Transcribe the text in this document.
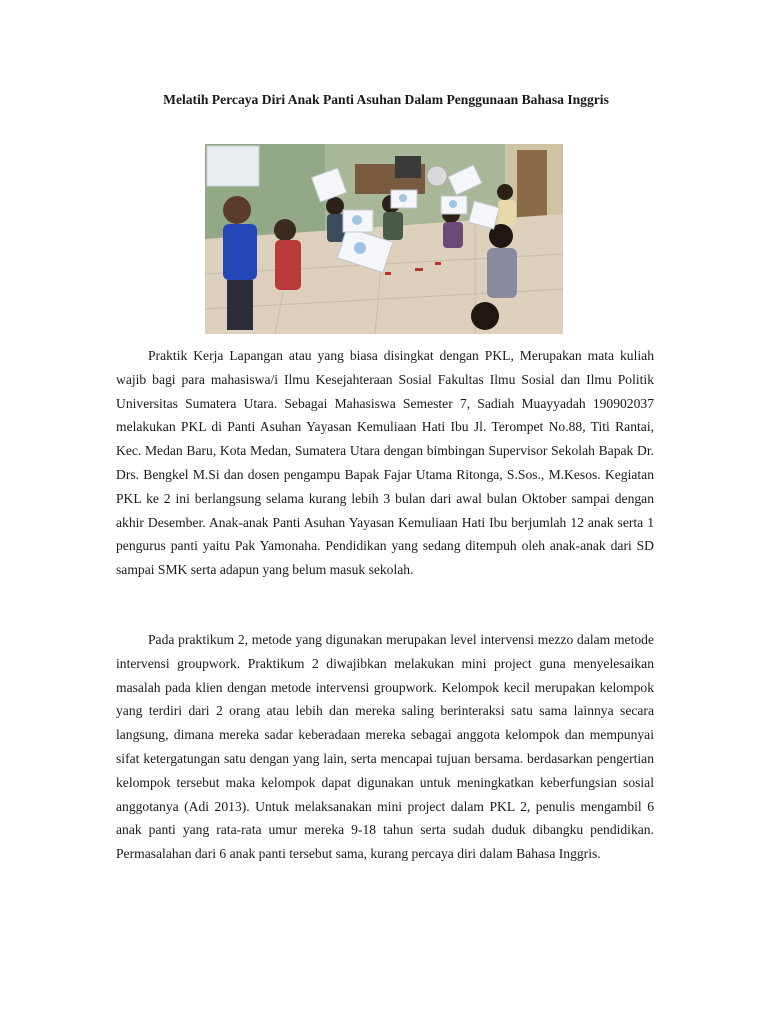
Melatih Percaya Diri Anak Panti Asuhan Dalam Penggunaan Bahasa Inggris

Praktik Kerja Lapangan atau yang biasa disingkat dengan PKL, Merupakan mata kuliah wajib bagi para mahasiswa/i Ilmu Kesejahteraan Sosial Fakultas Ilmu Sosial dan Ilmu Politik Universitas Sumatera Utara. Sebagai Mahasiswa Semester 7, Sadiah Muayyadah 190902037 melakukan PKL di Panti Asuhan Yayasan Kemuliaan Hati Ibu Jl. Terompet No.88, Titi Rantai, Kec. Medan Baru, Kota Medan, Sumatera Utara dengan bimbingan Supervisor Sekolah Bapak Dr. Drs. Bengkel M.Si dan dosen pengampu Bapak Fajar Utama Ritonga, S.Sos., M.Kesos. Kegiatan PKL ke 2 ini berlangsung selama kurang lebih 3 bulan dari awal bulan Oktober sampai dengan akhir Desember. Anak-anak Panti Asuhan Yayasan Kemuliaan Hati Ibu berjumlah 12 anak serta 1 pengurus panti yaitu Pak Yamonaha. Pendidikan yang sedang ditempuh oleh anak-anak dari SD sampai SMK serta adapun yang belum masuk sekolah.

Pada praktikum 2, metode yang digunakan merupakan level intervensi mezzo dalam metode intervensi groupwork. Praktikum 2 diwajibkan melakukan mini project guna menyelesaikan masalah pada klien dengan metode intervensi groupwork. Kelompok kecil merupakan kelompok yang terdiri dari 2 orang atau lebih dan mereka saling berinteraksi satu sama lainnya secara langsung, dimana mereka sadar keberadaan mereka sebagai anggota kelompok dan mempunyai sifat ketergatungan satu dengan yang lain, serta mencapai tujuan bersama. berdasarkan pengertian kelompok tersebut maka kelompok dapat digunakan untuk meningkatkan keberfungsian sosial anggotanya (Adi 2013). Untuk melaksanakan mini project dalam PKL 2, penulis mengambil 6 anak panti yang rata-rata umur mereka 9-18 tahun serta sudah duduk dibangku pendidikan. Permasalahan dari 6 anak panti tersebut sama, kurang percaya diri dalam Bahasa Inggris.
